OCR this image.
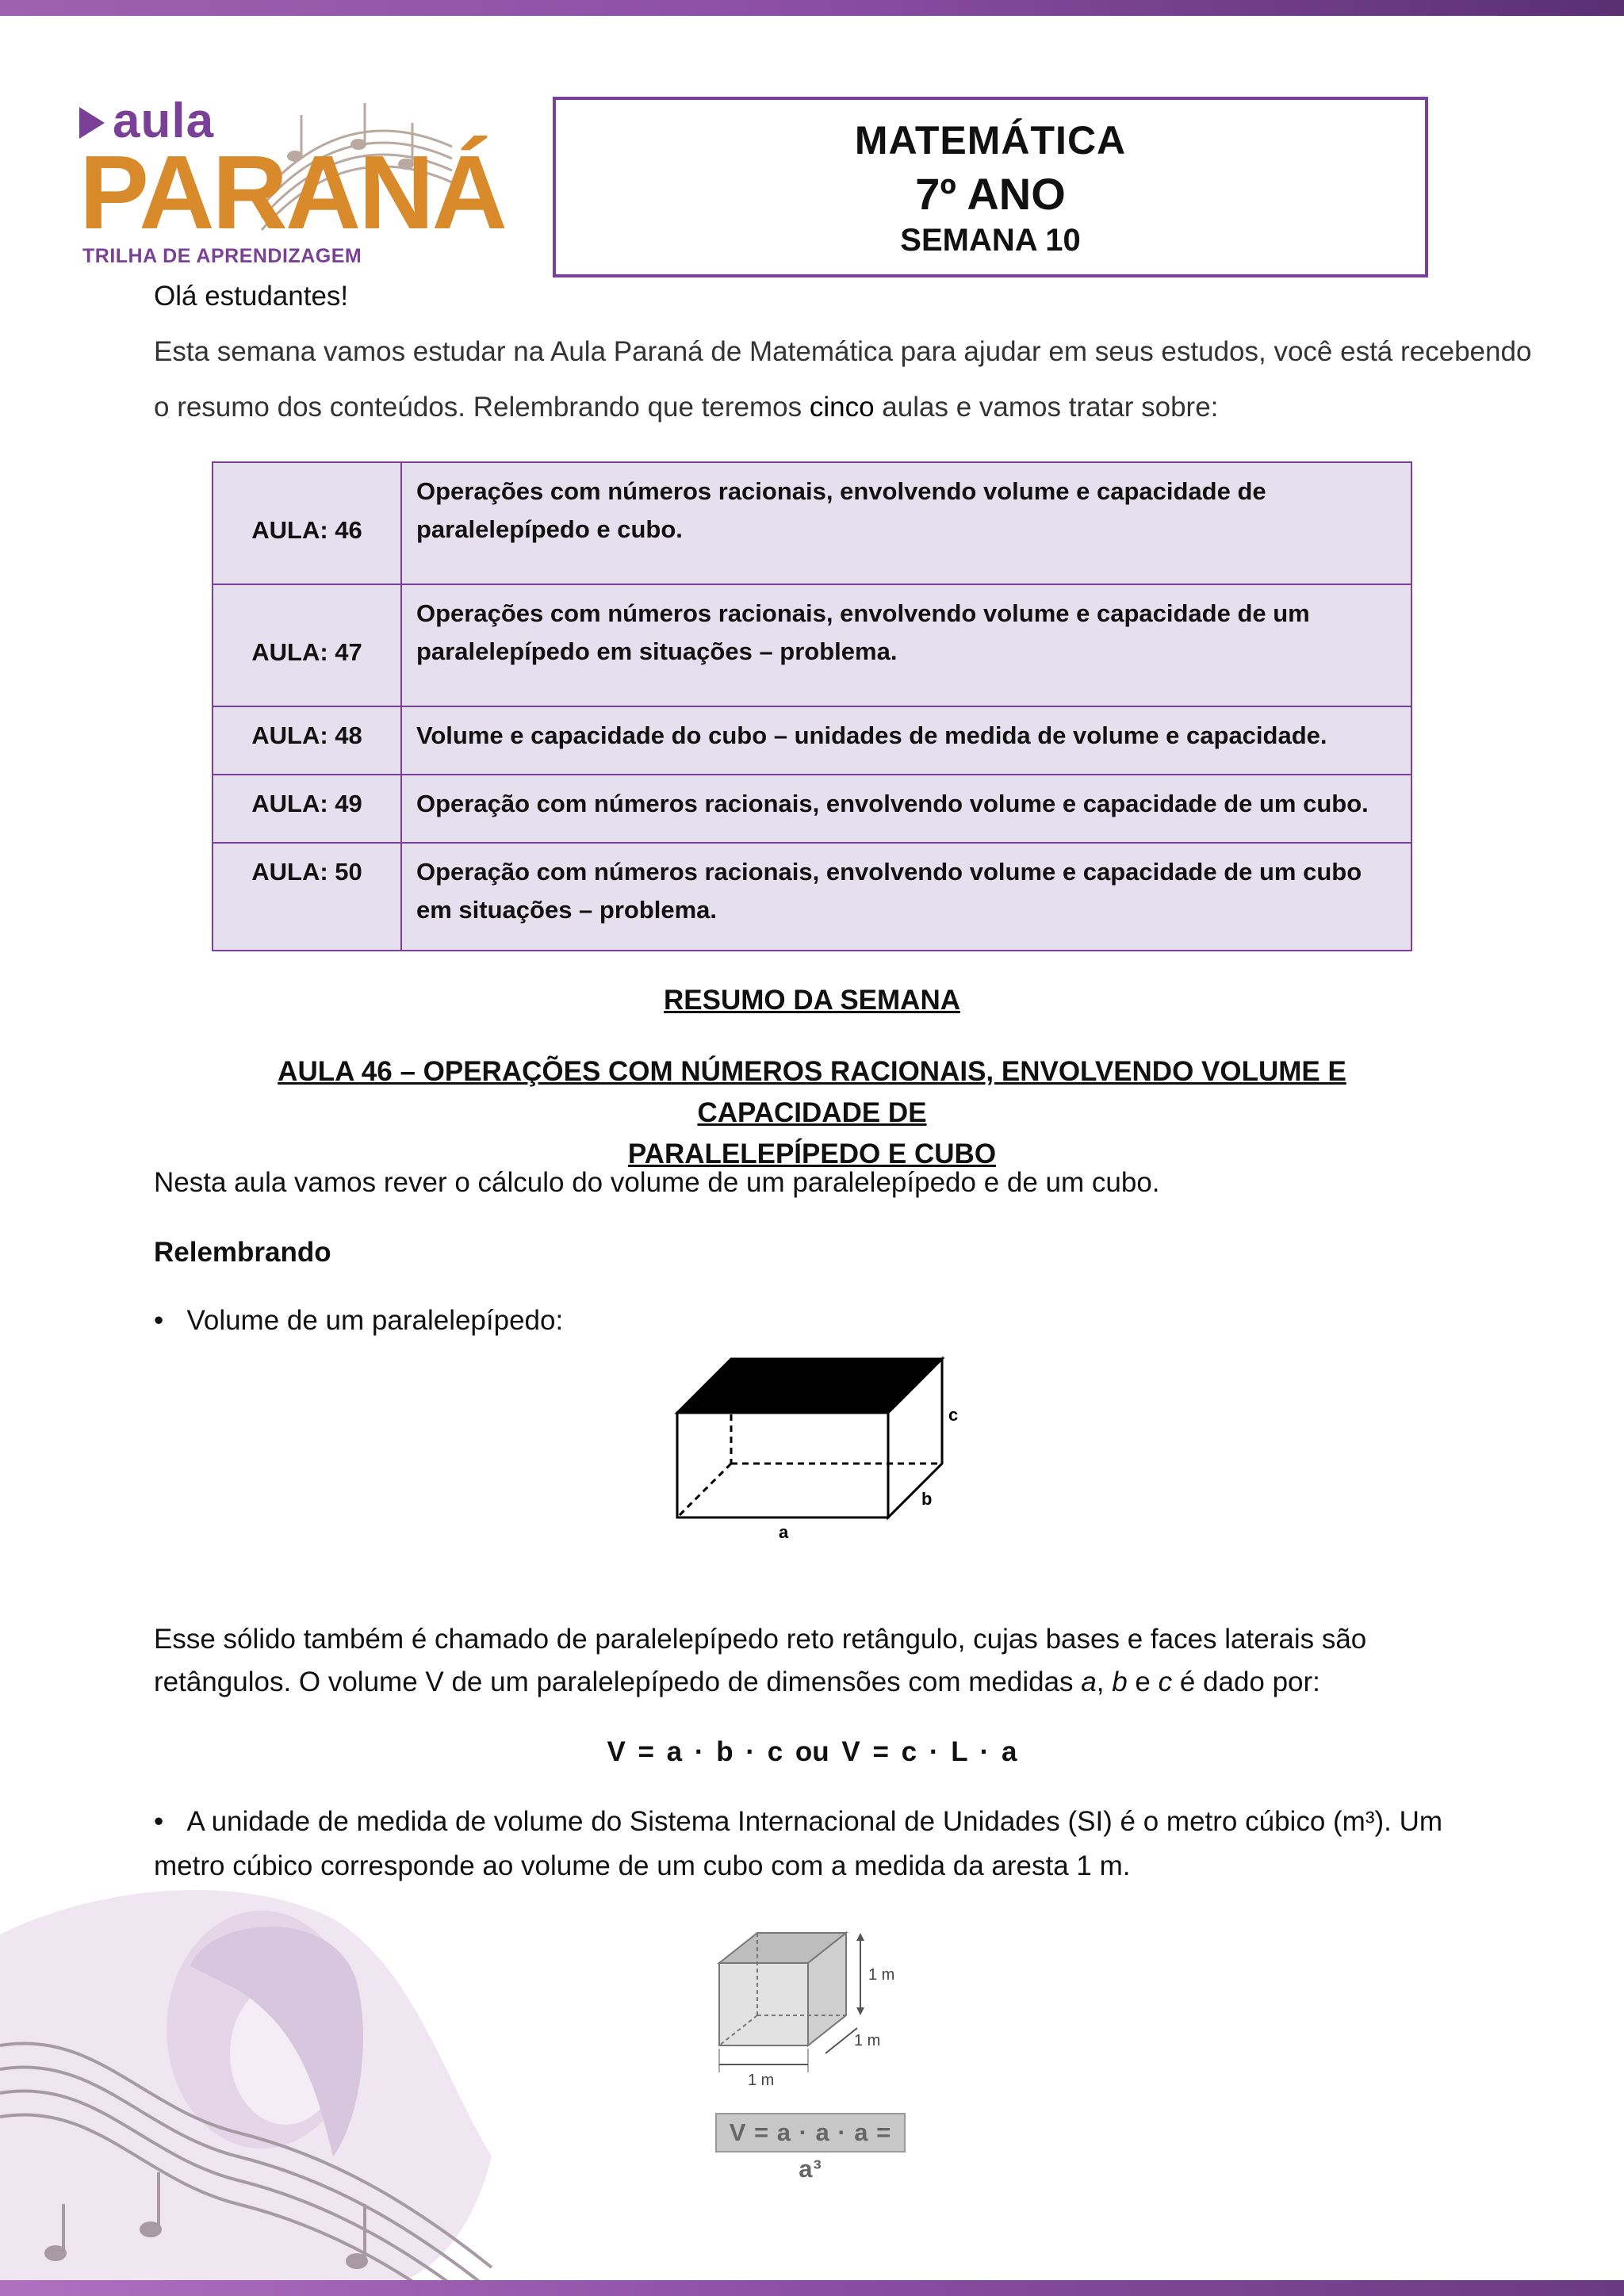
aula
PARANÁ
TRILHA DE APRENDIZAGEM
MATEMÁTICA
7º ANO
SEMANA 10
Olá estudantes!
Esta semana vamos estudar na Aula Paraná de Matemática para ajudar em seus estudos, você está recebendo
o resumo dos conteúdos. Relembrando que teremos cinco aulas e vamos tratar sobre:
AULA: 46	Operações com números racionais, envolvendo volume e capacidade de paralelepípedo e cubo.
AULA: 47	Operações com números racionais, envolvendo volume e capacidade de um paralelepípedo em situações – problema.
AULA: 48	Volume e capacidade do cubo – unidades de medida de volume e capacidade.
AULA: 49	Operação com números racionais, envolvendo volume e capacidade de um cubo.
AULA: 50	Operação com números racionais, envolvendo volume e capacidade de um cubo em situações – problema.
RESUMO DA SEMANA
AULA 46 – OPERAÇÕES COM NÚMEROS RACIONAIS, ENVOLVENDO VOLUME E CAPACIDADE DE
PARALELEPÍPEDO E CUBO
Nesta aula vamos rever o cálculo do volume de um paralelepípedo e de um cubo.
Relembrando
•   Volume de um paralelepípedo:
c
b
a
Esse sólido também é chamado de paralelepípedo reto retângulo, cujas bases e faces laterais são
retângulos. O volume V de um paralelepípedo de dimensões com medidas a, b e c é dado por:
V = a · b · c ou V = c · L · a
•   A unidade de medida de volume do Sistema Internacional de Unidades (SI) é o metro cúbico (m³). Um
metro cúbico corresponde ao volume de um cubo com a medida da aresta 1 m.
1 m
1 m
1 m
V = a · a · a = a³
